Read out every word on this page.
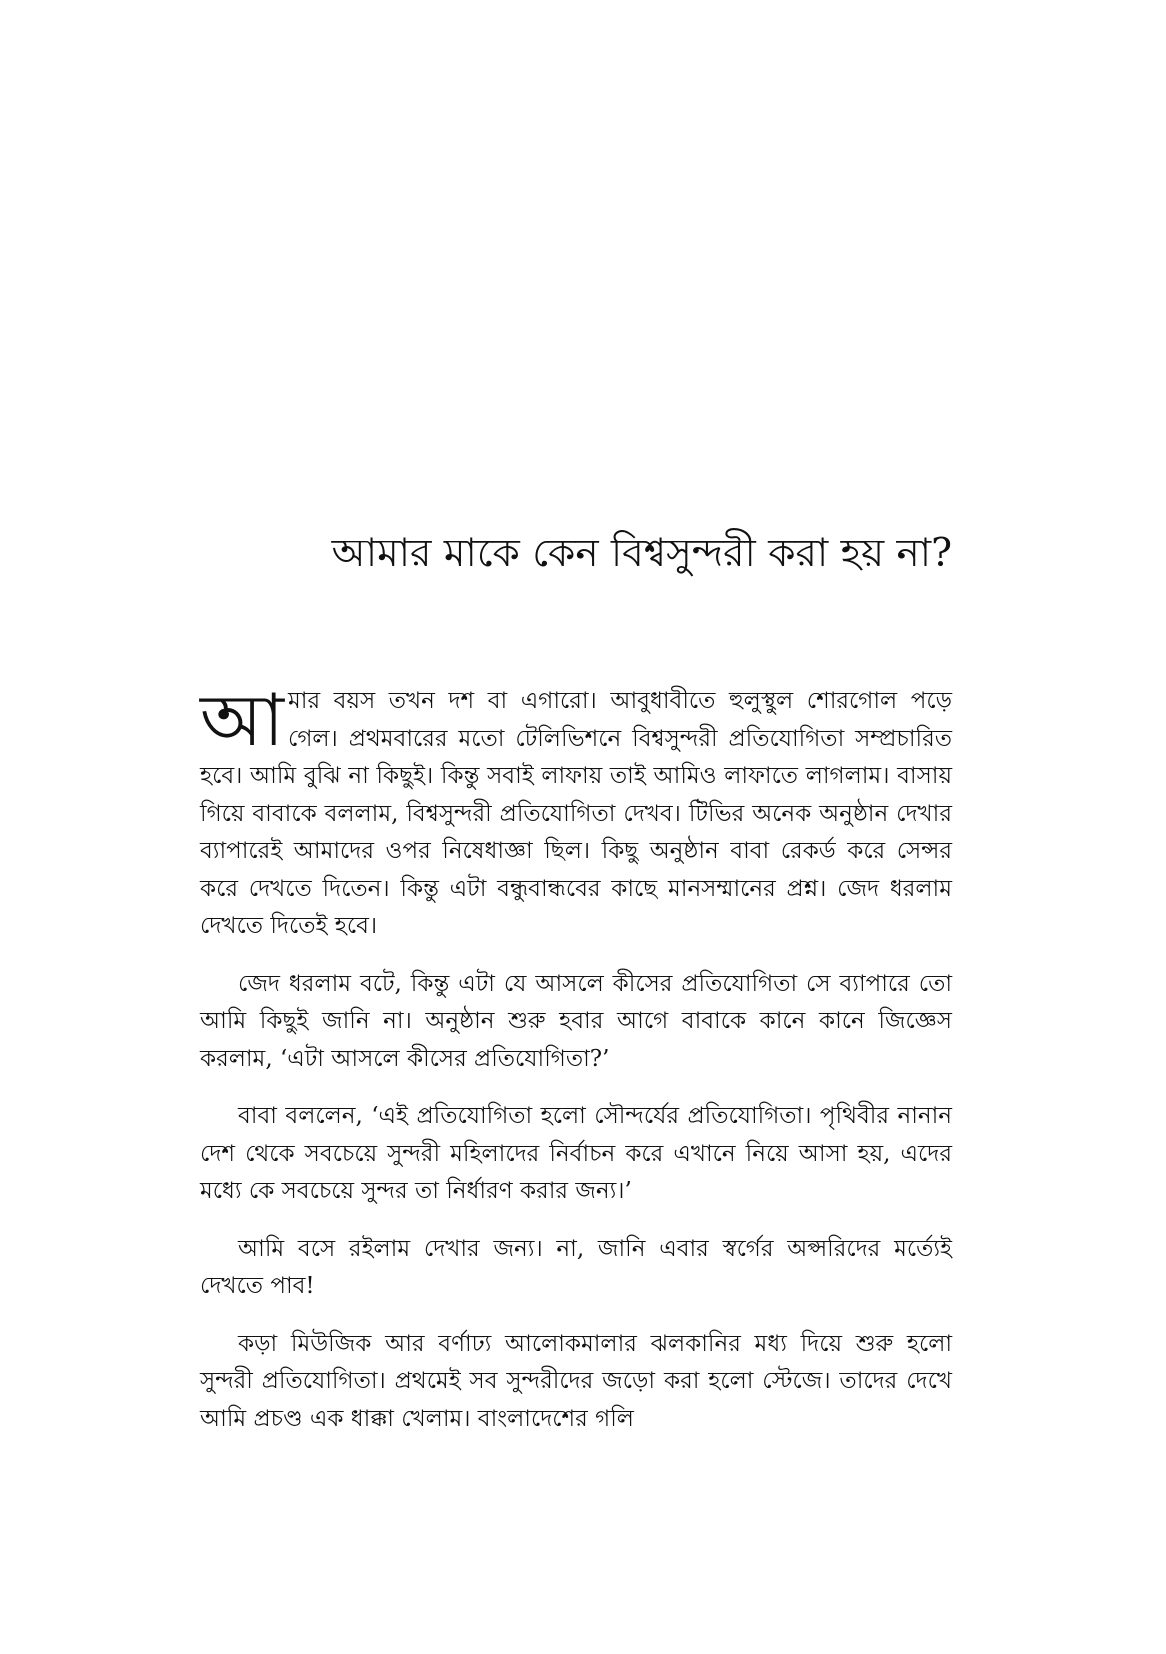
আমার মাকে কেন বিশ্বসুন্দরী করা হয় না?

আমার বয়স তখন দশ বা এগারো। আবুধাবীতে হুলুস্থুল শোরগোল পড়ে গেল। প্রথমবারের মতো টেলিভিশনে বিশ্বসুন্দরী প্রতিযোগিতা সম্প্রচারিত হবে। আমি বুঝি না কিছুই। কিন্তু সবাই লাফায় তাই আমিও লাফাতে লাগলাম। বাসায় গিয়ে বাবাকে বললাম, বিশ্বসুন্দরী প্রতিযোগিতা দেখব। টিভির অনেক অনুষ্ঠান দেখার ব্যাপারেই আমাদের ওপর নিষেধাজ্ঞা ছিল। কিছু অনুষ্ঠান বাবা রেকর্ড করে সেন্সর করে দেখতে দিতেন। কিন্তু এটা বন্ধুবান্ধবের কাছে মানসম্মানের প্রশ্ন। জেদ ধরলাম দেখতে দিতেই হবে।

জেদ ধরলাম বটে, কিন্তু এটা যে আসলে কীসের প্রতিযোগিতা সে ব্যাপারে তো আমি কিছুই জানি না। অনুষ্ঠান শুরু হবার আগে বাবাকে কানে কানে জিজ্ঞেস করলাম, ‘এটা আসলে কীসের প্রতিযোগিতা?’

বাবা বললেন, ‘এই প্রতিযোগিতা হলো সৌন্দর্যের প্রতিযোগিতা। পৃথিবীর নানান দেশ থেকে সবচেয়ে সুন্দরী মহিলাদের নির্বাচন করে এখানে নিয়ে আসা হয়, এদের মধ্যে কে সবচেয়ে সুন্দর তা নির্ধারণ করার জন্য।’

আমি বসে রইলাম দেখার জন্য। না, জানি এবার স্বর্গের অপ্সরিদের মর্ত্যেই দেখতে পাব!

কড়া মিউজিক আর বর্ণাঢ্য আলোকমালার ঝলকানির মধ্য দিয়ে শুরু হলো সুন্দরী প্রতিযোগিতা। প্রথমেই সব সুন্দরীদের জড়ো করা হলো স্টেজে। তাদের দেখে আমি প্রচণ্ড এক ধাক্কা খেলাম। বাংলাদেশের গলি
